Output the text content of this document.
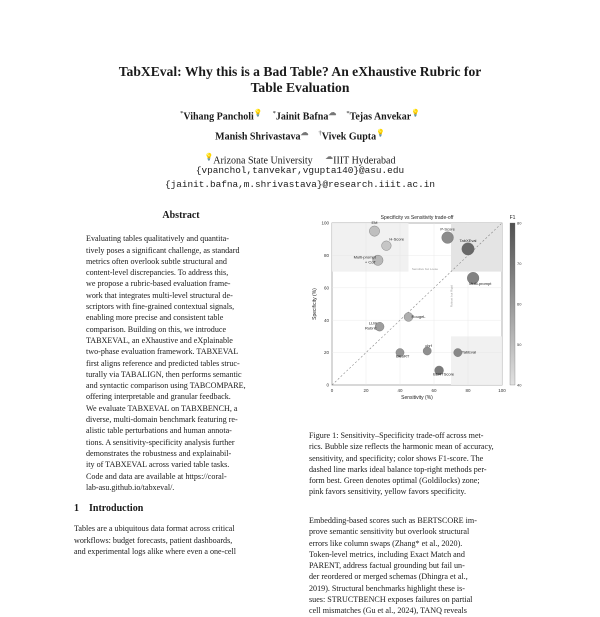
TabXEval: Why this is a Bad Table? An eXhaustive Rubric for
Table Evaluation
*Vihang Pancholi💡 *Jainit Bafna☁ *Tejas Anvekar💡
Manish Shrivastava☁ †Vivek Gupta💡
💡Arizona State University ☁IIIT Hyderabad
{vpanchol,tanvekar,vgupta140}@asu.edu
{jainit.bafna,m.shrivastava}@research.iiit.ac.in
Abstract
Evaluating tables qualitatively and quantita-
tively poses a significant challenge, as standard
metrics often overlook subtle structural and
content-level discrepancies. To address this,
we propose a rubric-based evaluation frame-
work that integrates multi-level structural de-
scriptors with fine-grained contextual signals,
enabling more precise and consistent table
comparison. Building on this, we introduce
TABXEVAL, an eXhaustive and eXplainable
two-phase evaluation framework. TABXEVAL
first aligns reference and predicted tables struc-
turally via TABALIGN, then performs semantic
and syntactic comparison using TABCOMPARE,
offering interpretable and granular feedback.
We evaluate TABXEVAL on TABXBENCH, a
diverse, multi-domain benchmark featuring re-
alistic table perturbations and human annota-
tions. A sensitivity-specificity analysis further
demonstrates the robustness and explainabil-
ity of TABXEVAL across varied table tasks.
Code and data are available at https://coral-
lab-asu.github.io/tabxeval/.
1 Introduction
Tables are a ubiquitous data format across critical
workflows: budget forecasts, patient dashboards,
and experimental logs alike where even a one-cell
0	20	40	60	80	100
0
20
40
60
80
100
Sensitive but Loose
Robust but Rigid
Specificity vs Sensitivity trade-off
Sensitivity (%)
Specificity (%)
EM
H-Score
Multi-prompt
+ CoT
P-Score
TabXEval
Multi-prompt
RougeL
LLM
Rubric
BleuRT
chrf
TabEval
BERTScore
F1
40
50
60
70
80
Figure 1: Sensitivity–Specificity trade-off across met-
rics. Bubble size reflects the harmonic mean of accuracy,
sensitivity, and specificity; color shows F1-score. The
dashed line marks ideal balance top-right methods per-
form best. Green denotes optimal (Goldilocks) zone;
pink favors sensitivity, yellow favors specificity.
Embedding-based scores such as BERTSCORE im-
prove semantic sensitivity but overlook structural
errors like column swaps (Zhang* et al., 2020).
Token-level metrics, including Exact Match and
PARENT, address factual grounding but fail un-
der reordered or merged schemas (Dhingra et al.,
2019). Structural benchmarks highlight these is-
sues: STRUCTBENCH exposes failures on partial
cell mismatches (Gu et al., 2024), TANQ reveals
